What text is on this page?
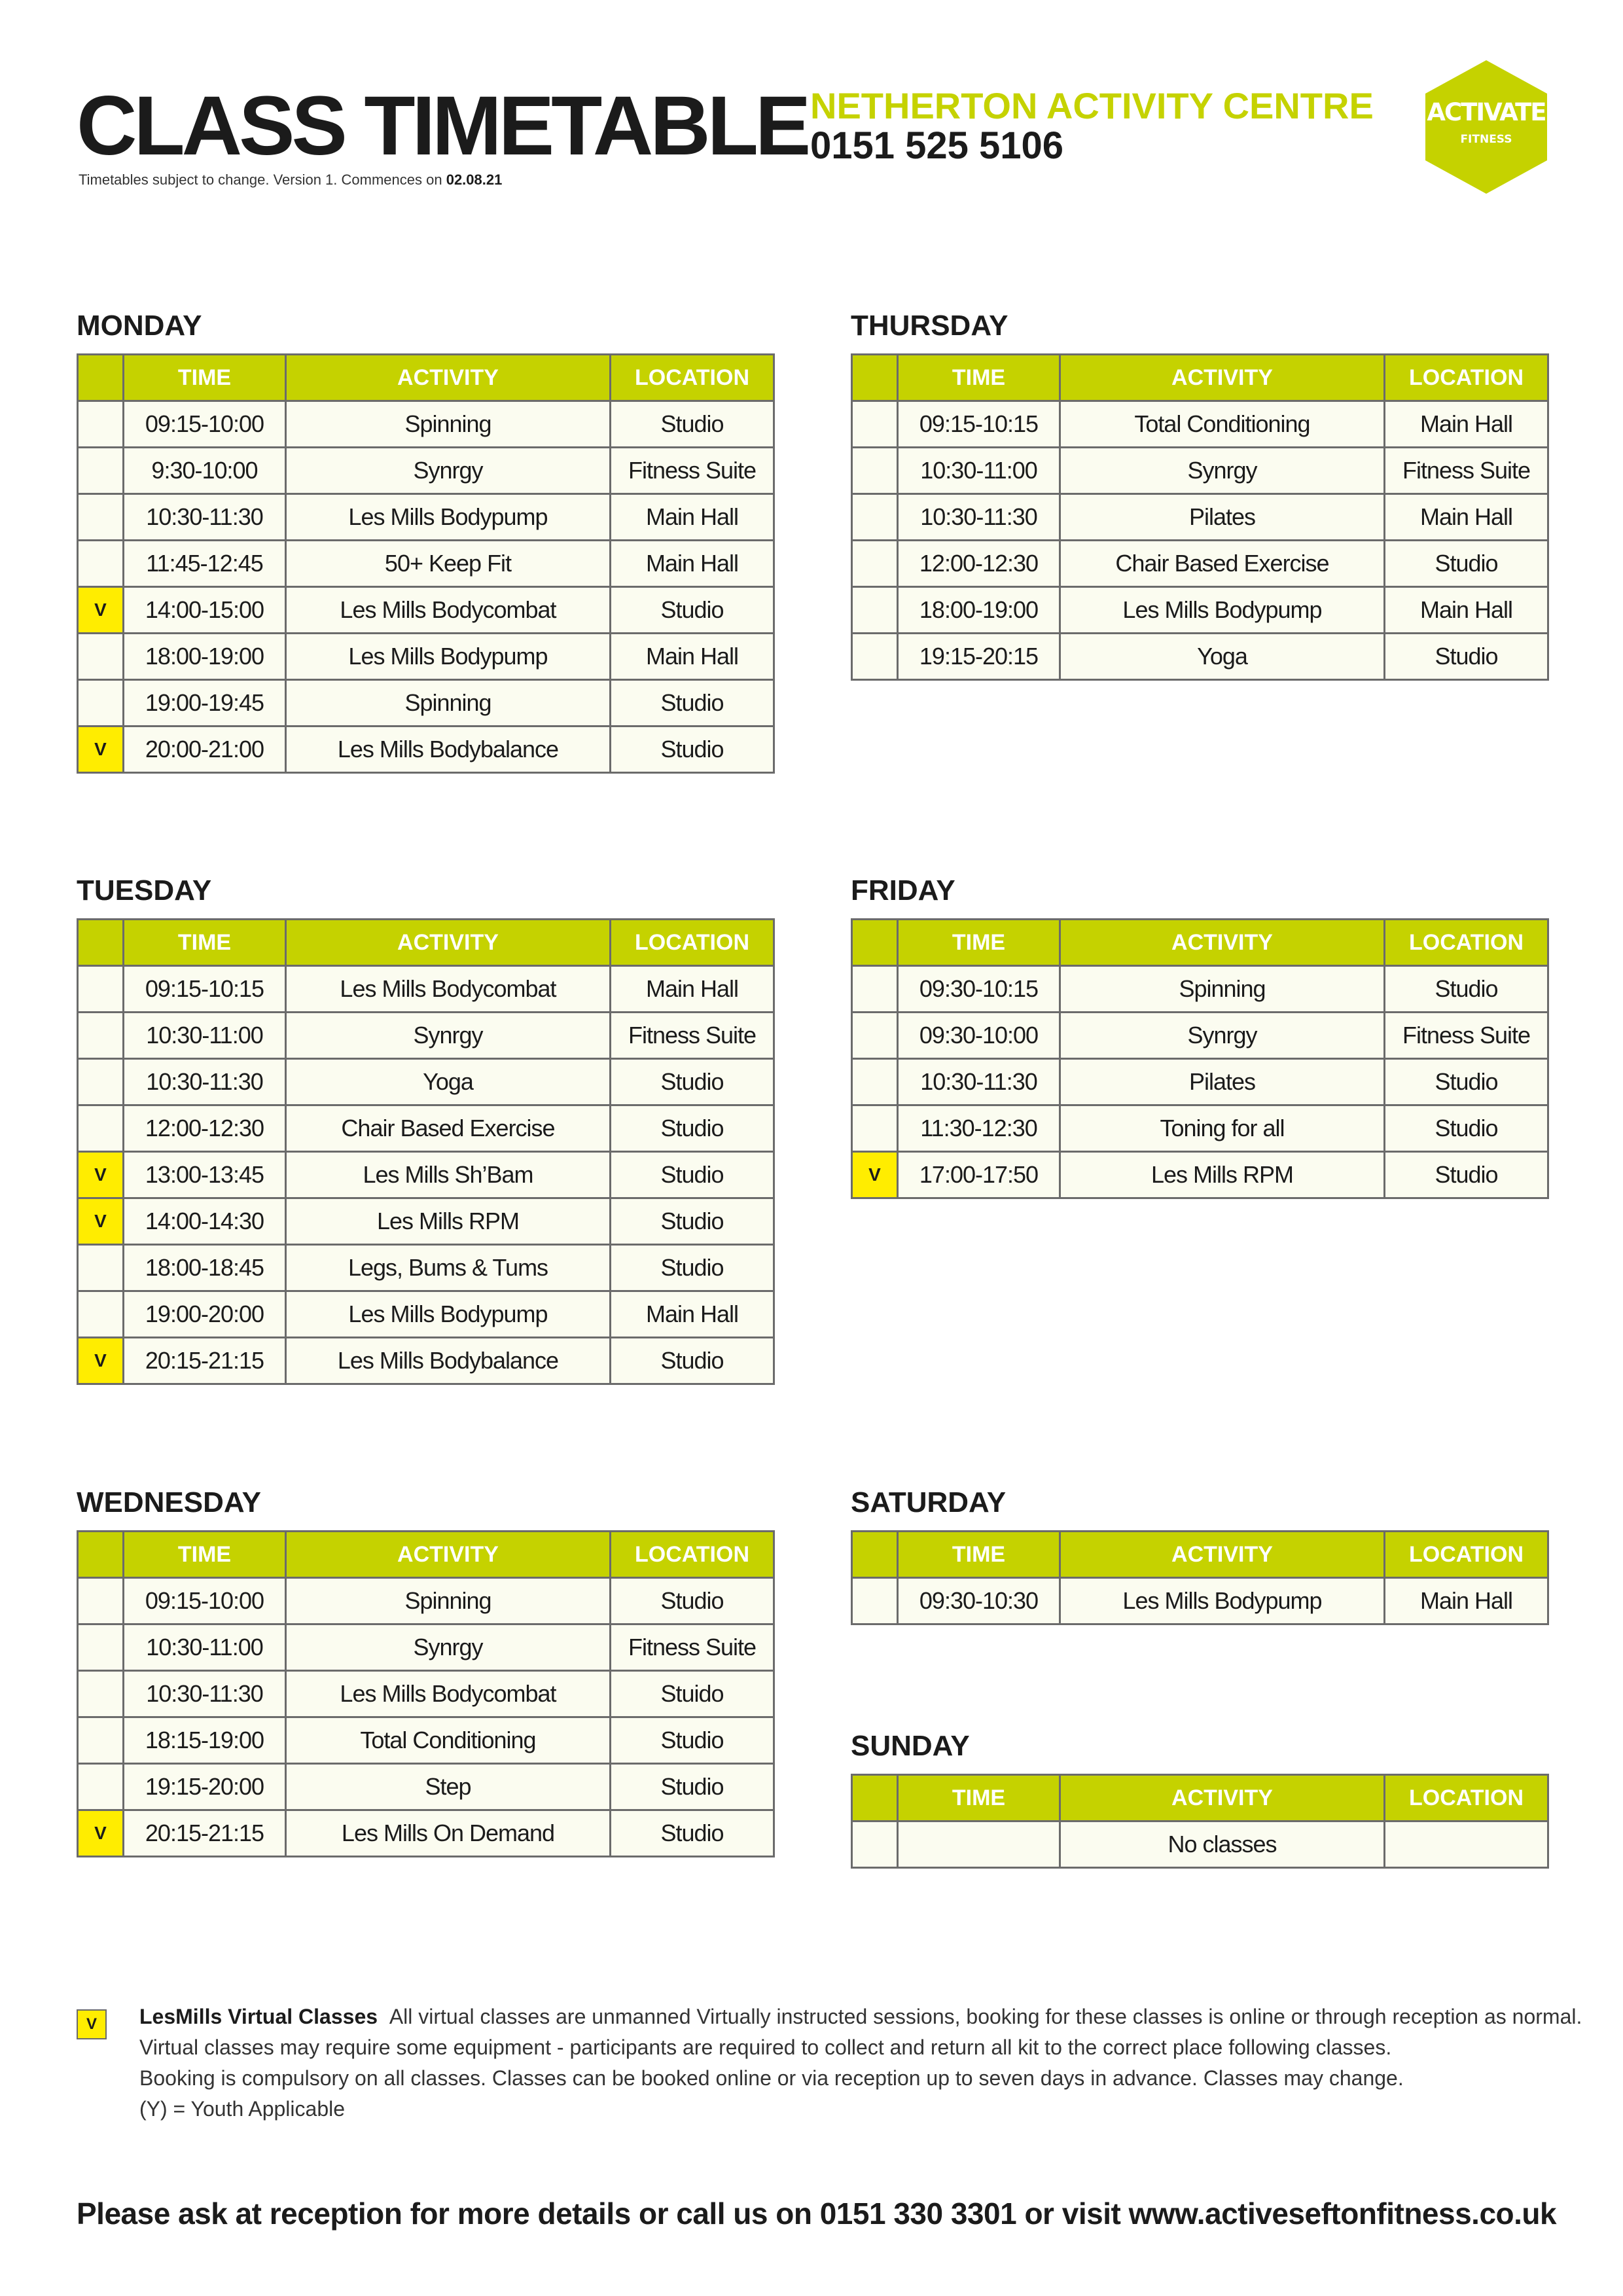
CLASS TIMETABLE
Timetables subject to change. Version 1. Commences on 02.08.21
NETHERTON ACTIVITY CENTRE
0151 525 5106
ACTIVATE
FITNESS
MONDAY
	TIME	ACTIVITY	LOCATION
	09:15-10:00	Spinning	Studio
	9:30-10:00	Synrgy	Fitness Suite
	10:30-11:30	Les Mills Bodypump	Main Hall
	11:45-12:45	50+ Keep Fit	Main Hall
V	14:00-15:00	Les Mills Bodycombat	Studio
	18:00-19:00	Les Mills Bodypump	Main Hall
	19:00-19:45	Spinning	Studio
V	20:00-21:00	Les Mills Bodybalance	Studio
THURSDAY
	TIME	ACTIVITY	LOCATION
	09:15-10:15	Total Conditioning	Main Hall
	10:30-11:00	Synrgy	Fitness Suite
	10:30-11:30	Pilates	Main Hall
	12:00-12:30	Chair Based Exercise	Studio
	18:00-19:00	Les Mills Bodypump	Main Hall
	19:15-20:15	Yoga	Studio
TUESDAY
	TIME	ACTIVITY	LOCATION
	09:15-10:15	Les Mills Bodycombat	Main Hall
	10:30-11:00	Synrgy	Fitness Suite
	10:30-11:30	Yoga	Studio
	12:00-12:30	Chair Based Exercise	Studio
V	13:00-13:45	Les Mills Sh’Bam	Studio
V	14:00-14:30	Les Mills RPM	Studio
	18:00-18:45	Legs, Bums & Tums	Studio
	19:00-20:00	Les Mills Bodypump	Main Hall
V	20:15-21:15	Les Mills Bodybalance	Studio
FRIDAY
	TIME	ACTIVITY	LOCATION
	09:30-10:15	Spinning	Studio
	09:30-10:00	Synrgy	Fitness Suite
	10:30-11:30	Pilates	Studio
	11:30-12:30	Toning for all	Studio
V	17:00-17:50	Les Mills RPM	Studio
WEDNESDAY
	TIME	ACTIVITY	LOCATION
	09:15-10:00	Spinning	Studio
	10:30-11:00	Synrgy	Fitness Suite
	10:30-11:30	Les Mills Bodycombat	Stuido
	18:15-19:00	Total Conditioning	Studio
	19:15-20:00	Step	Studio
V	20:15-21:15	Les Mills On Demand	Studio
SATURDAY
	TIME	ACTIVITY	LOCATION
	09:30-10:30	Les Mills Bodypump	Main Hall
SUNDAY
	TIME	ACTIVITY	LOCATION
		No classes	
V	LesMills Virtual Classes All virtual classes are unmanned Virtually instructed sessions, booking for these classes is online or through reception as normal. Virtual classes may require some equipment - participants are required to collect and return all kit to the correct place following classes.
Booking is compulsory on all classes. Classes can be booked online or via reception up to seven days in advance. Classes may change.
(Y) = Youth Applicable
Please ask at reception for more details or call us on 0151 330 3301 or visit www.activeseftonfitness.co.uk
